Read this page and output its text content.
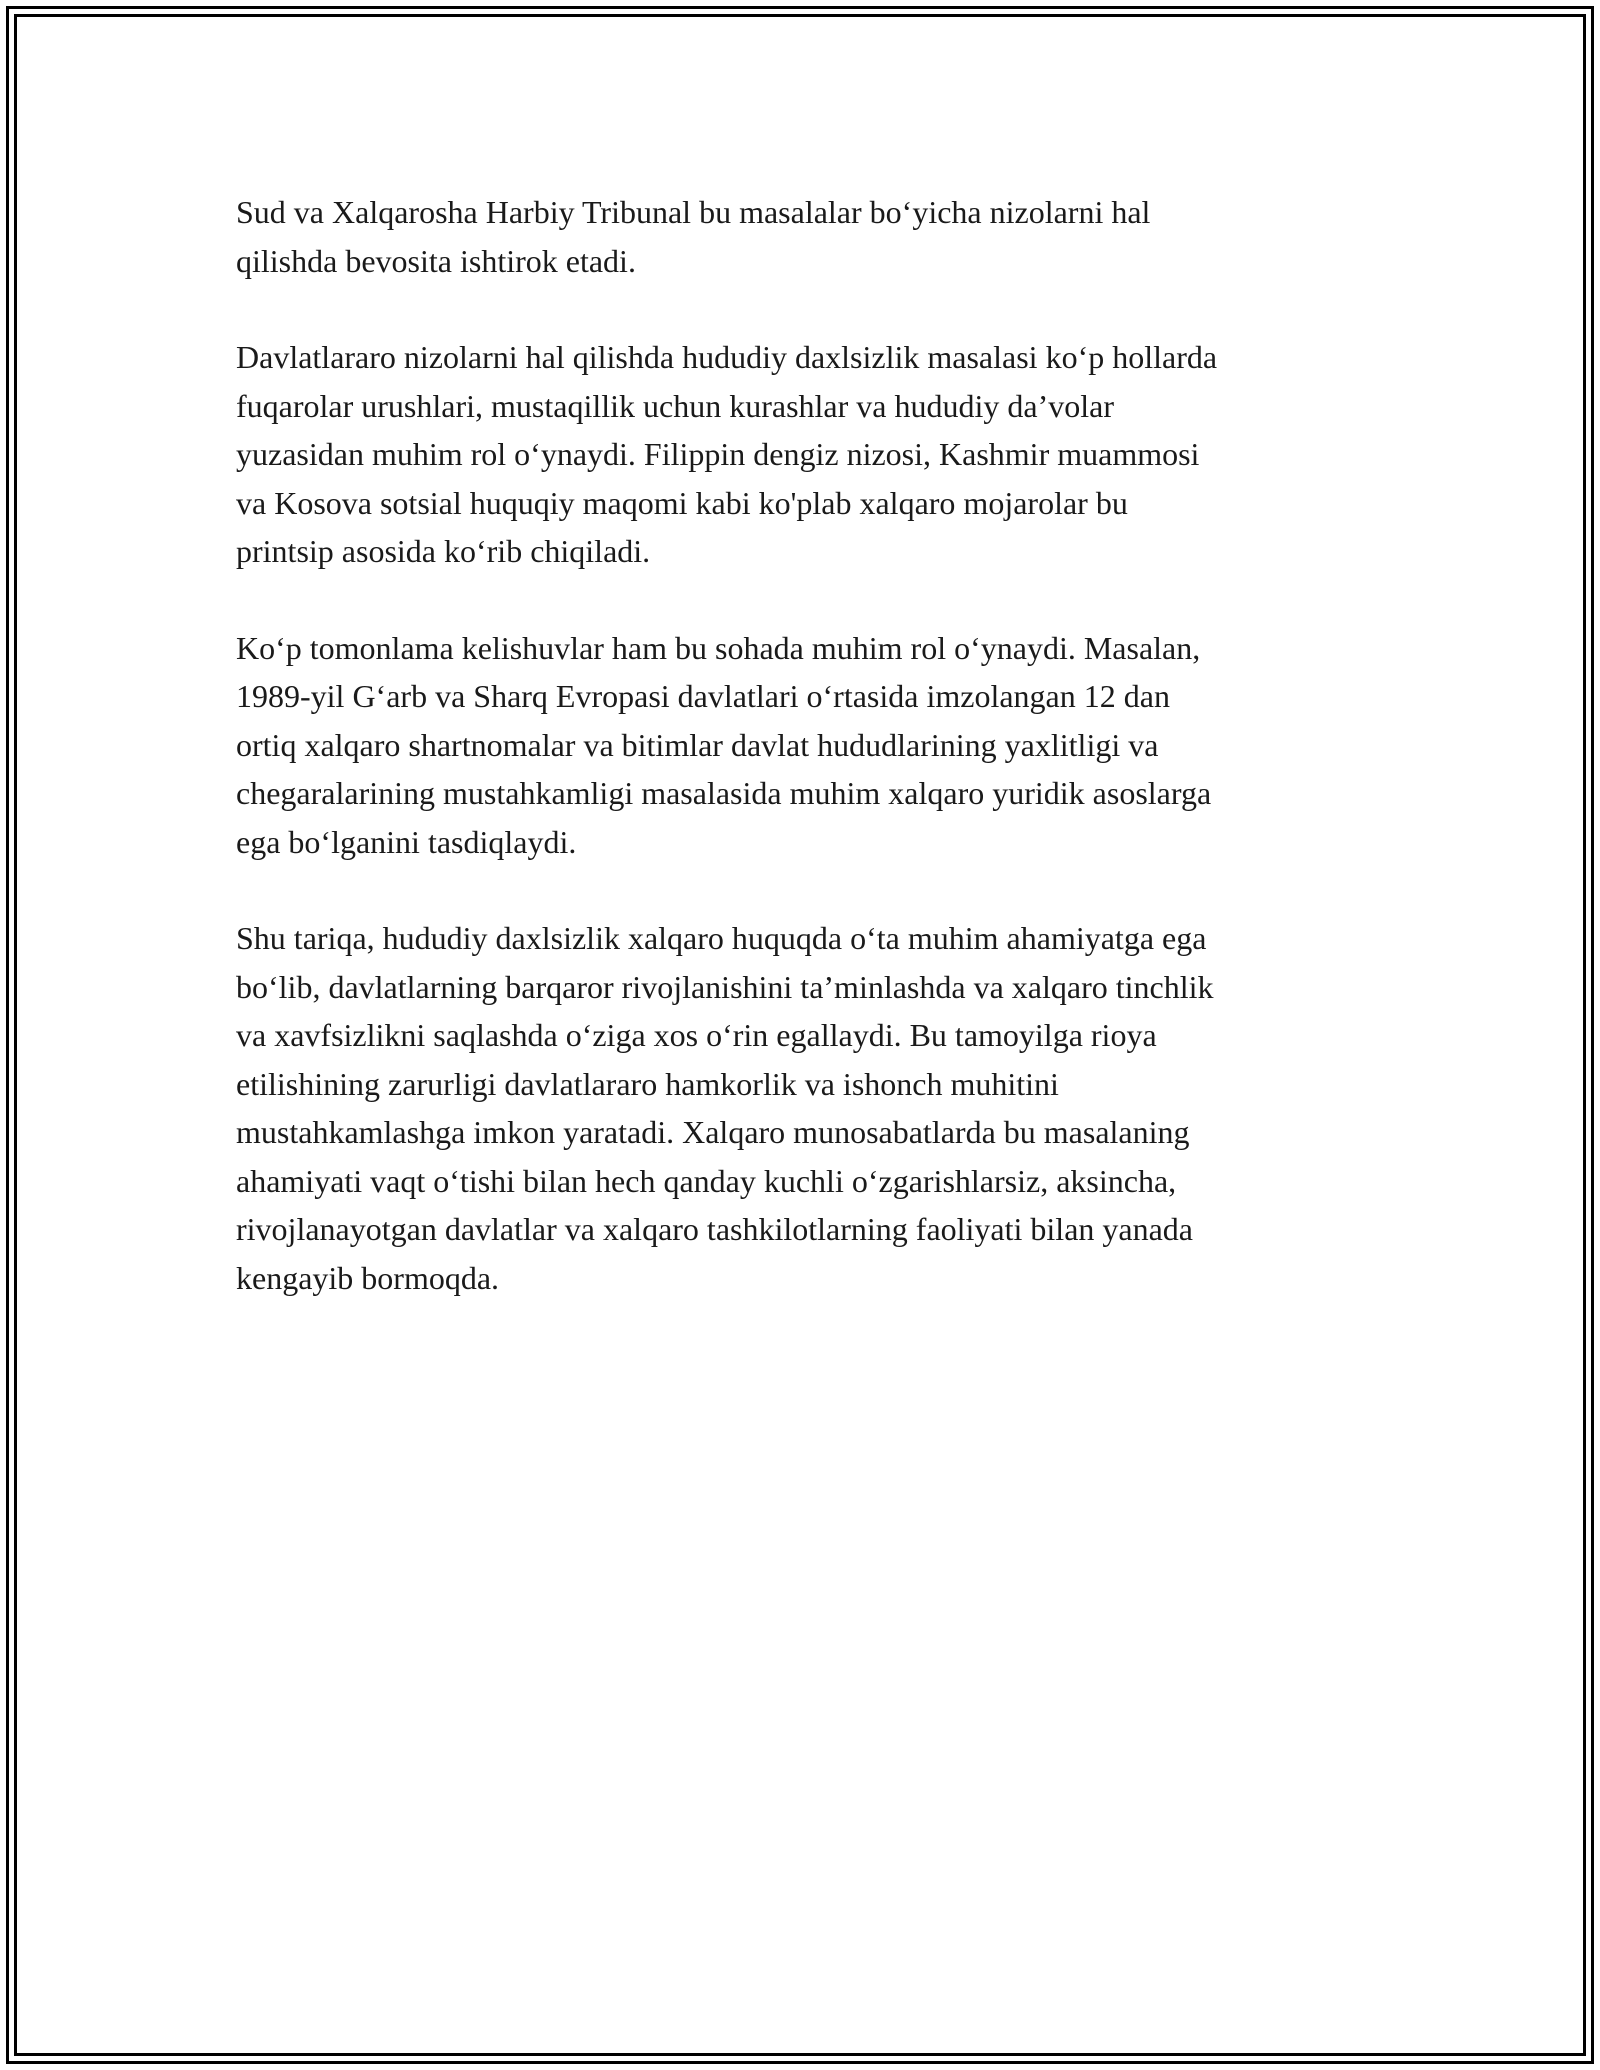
Sud va Xalqarosha Harbiy Tribunal bu masalalar bo‘yicha nizolarni hal
qilishda bevosita ishtirok etadi.

Davlatlararo nizolarni hal qilishda hududiy daxlsizlik masalasi ko‘p hollarda
fuqarolar urushlari, mustaqillik uchun kurashlar va hududiy da’volar
yuzasidan muhim rol o‘ynaydi. Filippin dengiz nizosi, Kashmir muammosi
va Kosova sotsial huquqiy maqomi kabi ko'plab xalqaro mojarolar bu
printsip asosida ko‘rib chiqiladi.

Ko‘p tomonlama kelishuvlar ham bu sohada muhim rol o‘ynaydi. Masalan,
1989-yil G‘arb va Sharq Evropasi davlatlari o‘rtasida imzolangan 12 dan
ortiq xalqaro shartnomalar va bitimlar davlat hududlarining yaxlitligi va
chegaralarining mustahkamligi masalasida muhim xalqaro yuridik asoslarga
ega bo‘lganini tasdiqlaydi.

Shu tariqa, hududiy daxlsizlik xalqaro huquqda o‘ta muhim ahamiyatga ega
bo‘lib, davlatlarning barqaror rivojlanishini ta’minlashda va xalqaro tinchlik
va xavfsizlikni saqlashda o‘ziga xos o‘rin egallaydi. Bu tamoyilga rioya
etilishining zarurligi davlatlararo hamkorlik va ishonch muhitini
mustahkamlashga imkon yaratadi. Xalqaro munosabatlarda bu masalaning
ahamiyati vaqt o‘tishi bilan hech qanday kuchli o‘zgarishlarsiz, aksincha,
rivojlanayotgan davlatlar va xalqaro tashkilotlarning faoliyati bilan yanada
kengayib bormoqda.
